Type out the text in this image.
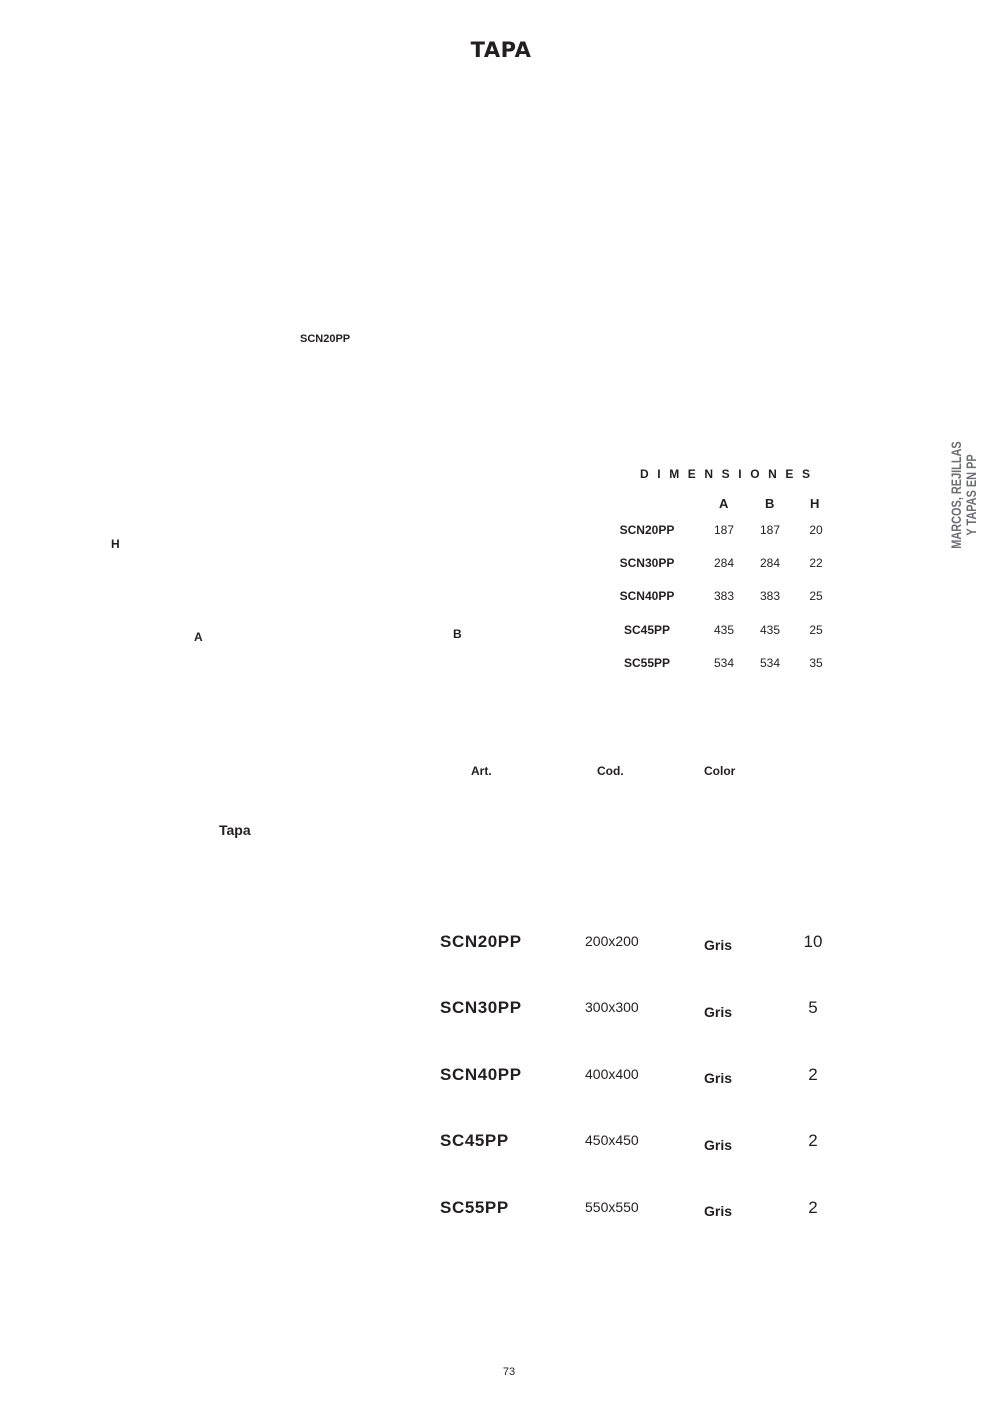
TAPA
SCN20PP
H
A	B
MARCOS, REJILLAS Y TAPAS EN PP
DIMENSIONES
A	B	H
SCN20PP	187	187	20
SCN30PP	284	284	22
SCN40PP	383	383	25
SC45PP	435	435	25
SC55PP	534	534	35
Art.	Cod.	Color
Tapa
SCN20PP	200x200	Gris	10
SCN30PP	300x300	Gris	5
SCN40PP	400x400	Gris	2
SC45PP	450x450	Gris	2
SC55PP	550x550	Gris	2
73
